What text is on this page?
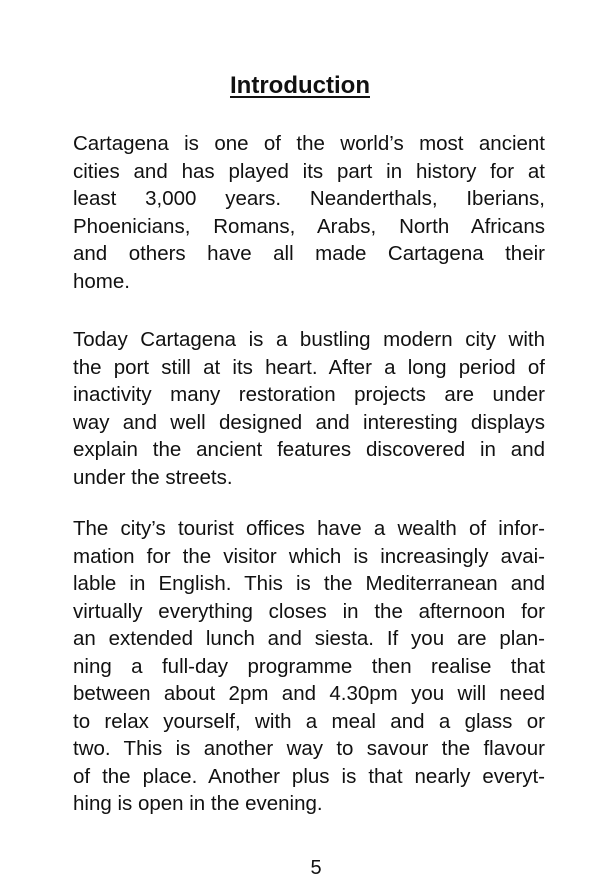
Introduction
Cartagena is one of the world’s most ancient
cities and has played its part in history for at
least 3,000 years. Neanderthals, Iberians,
Phoenicians, Romans, Arabs, North Africans
and others have all made Cartagena their
home.
Today Cartagena is a bustling modern city with
the port still at its heart. After a long period of
inactivity many restoration projects are under
way and well designed and interesting displays
explain the ancient features discovered in and
under the streets.
The city’s tourist offices have a wealth of infor-
mation for the visitor which is increasingly avai-
lable in English. This is the Mediterranean and
virtually everything closes in the afternoon for
an extended lunch and siesta. If you are plan-
ning a full-day programme then realise that
between about 2pm and 4.30pm you will need
to relax yourself, with a meal and a glass or
two. This is another way to savour the flavour
of the place. Another plus is that nearly everyt-
hing is open in the evening.
5
